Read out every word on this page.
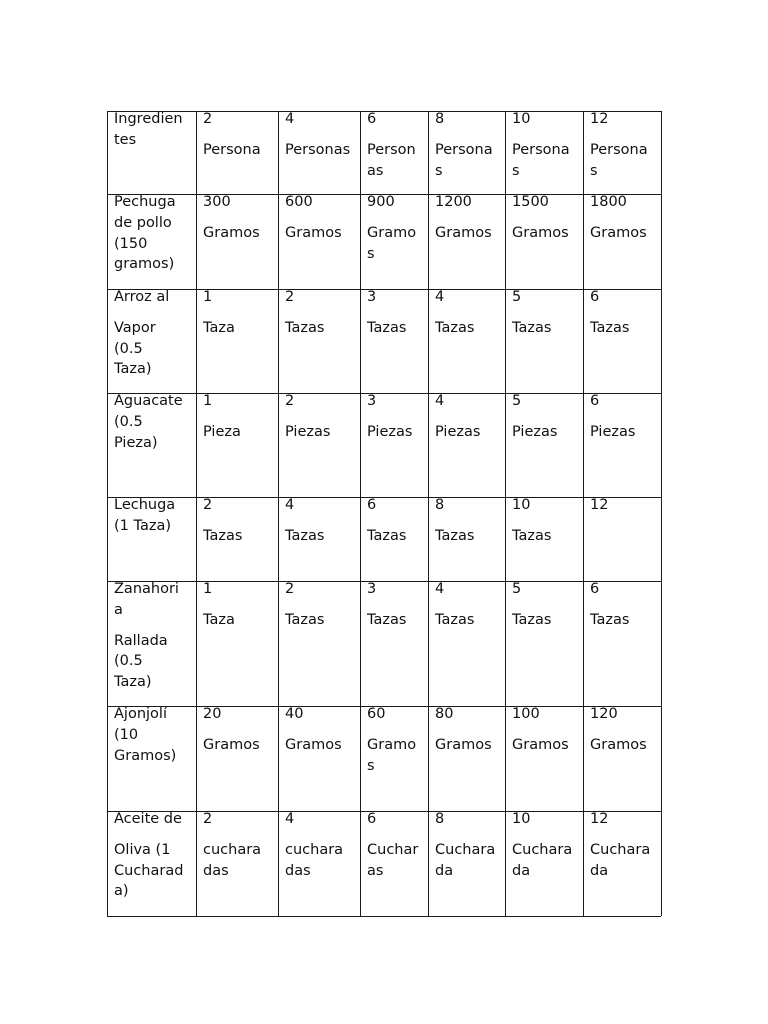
Ingredien
tes
2
Persona
4
Personas
6
Person
as
8
Persona
s
10
Persona
s
12
Persona
s
Pechuga
de pollo
(150
gramos)
300
Gramos
600
Gramos
900
Gramo
s
1200
Gramos
1500
Gramos
1800
Gramos
Arroz al
Vapor
(0.5
Taza)
1
Taza
2
Tazas
3
Tazas
4
Tazas
5
Tazas
6
Tazas
Aguacate
(0.5
Pieza)
1
Pieza
2
Piezas
3
Piezas
4
Piezas
5
Piezas
6
Piezas
Lechuga
(1 Taza)
2
Tazas
4
Tazas
6
Tazas
8
Tazas
10
Tazas
12
Zanahori
a
Rallada
(0.5
Taza)
1
Taza
2
Tazas
3
Tazas
4
Tazas
5
Tazas
6
Tazas
Ajonjolí
(10
Gramos)
20
Gramos
40
Gramos
60
Gramo
s
80
Gramos
100
Gramos
120
Gramos
Aceite de
Oliva (1
Cucharad
a)
2
cuchara
das
4
cuchara
das
6
Cuchar
as
8
Cuchara
da
10
Cuchara
da
12
Cuchara
da
